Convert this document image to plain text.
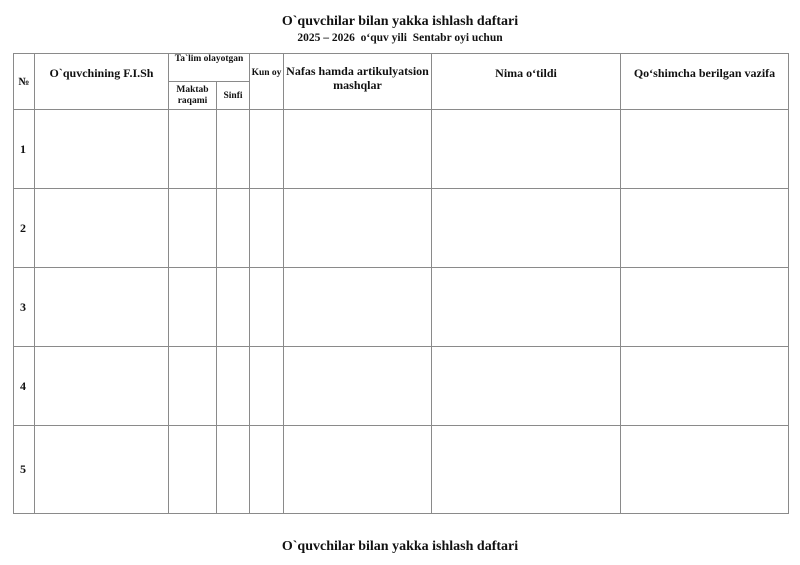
O`quvchilar bilan yakka ishlash daftari
2025 – 2026  o‘quv yili  Sentabr oyi uchun
№	O`quvchining F.I.Sh	Ta`lim olayotgan		Kun oy	Nafas hamda artikulyatsion mashqlar	Nima o‘tildi	Qo‘shimcha berilgan vazifa
		Maktab raqami	Sinfi				
1							
2							
3							
4							
5							
O`quvchilar bilan yakka ishlash daftari
